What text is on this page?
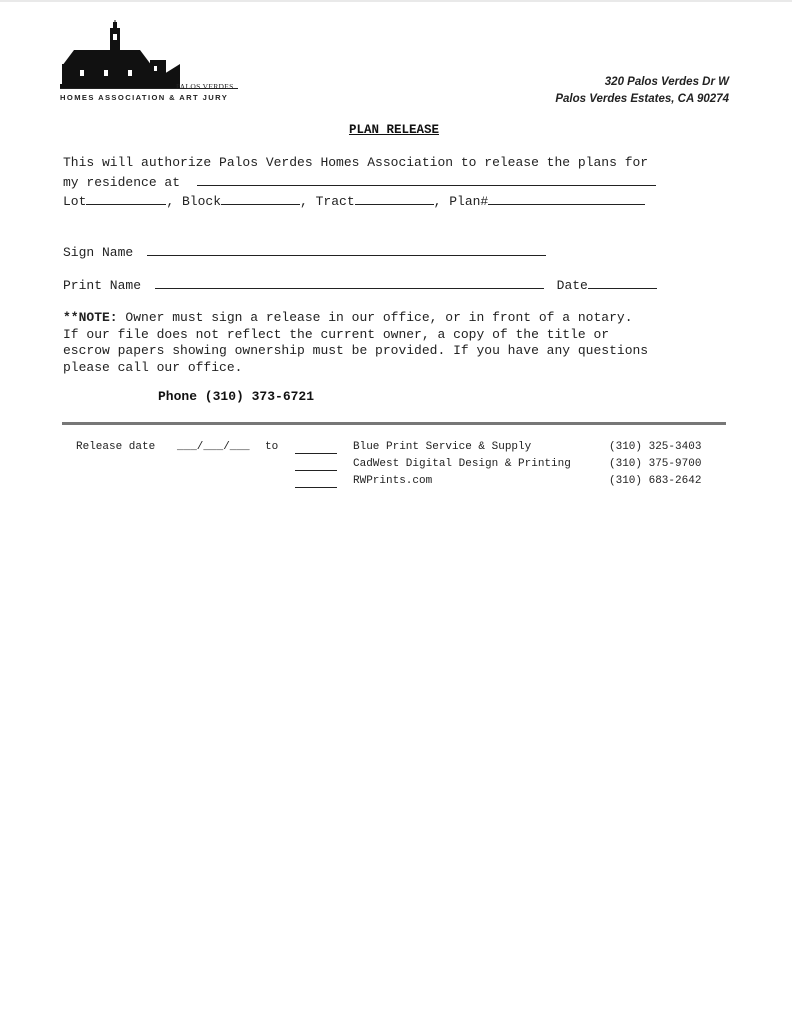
PALOS VERDES
HOMES ASSOCIATION & ART JURY
320 Palos Verdes Dr W
Palos Verdes Estates, CA 90274
PLAN RELEASE
This will authorize Palos Verdes Homes Association to release the plans for
my residence at
Lot	, Block	, Tract	, Plan#
Sign Name
Print Name	Date
**NOTE: Owner must sign a release in our office, or in front of a notary.
If our file does not reflect the current owner, a copy of the title or
escrow papers showing ownership must be provided. If you have any questions
please call our office.
Phone (310) 373-6721
Release date ___/___/___ to	Blue Print Service & Supply	(310) 325-3403
CadWest Digital Design & Printing	(310) 375-9700
RWPrints.com	(310) 683-2642
